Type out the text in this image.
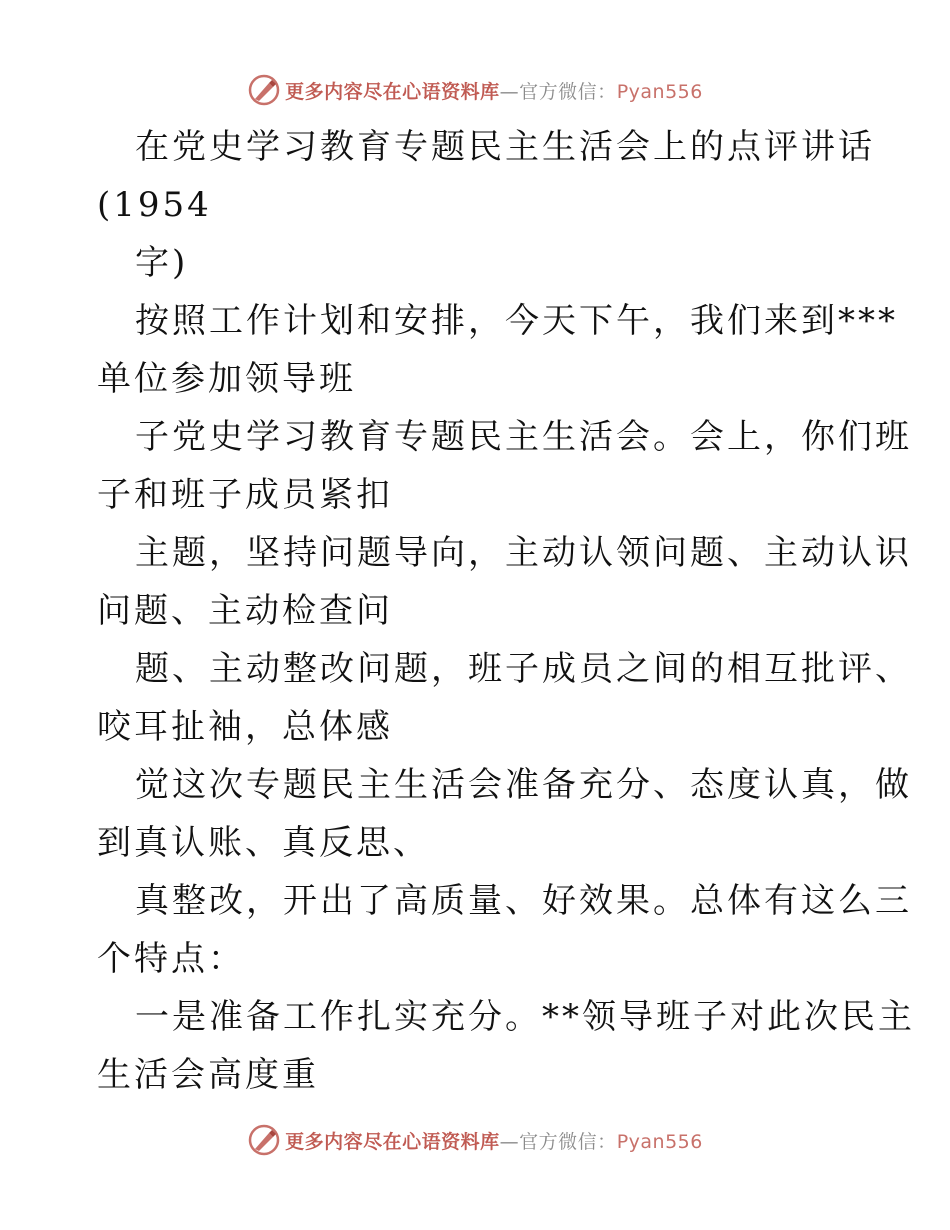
更多内容尽在心语资料库—官方微信：Pyan556
在党史学习教育专题民主生活会上的点评讲话
(1954
字)
按照工作计划和安排，今天下午，我们来到***
单位参加领导班
子党史学习教育专题民主生活会。会上，你们班
子和班子成员紧扣
主题，坚持问题导向，主动认领问题、主动认识
问题、主动检查问
题、主动整改问题，班子成员之间的相互批评、
咬耳扯袖，总体感
觉这次专题民主生活会准备充分、态度认真，做
到真认账、真反思、
真整改，开出了高质量、好效果。总体有这么三
个特点：
一是准备工作扎实充分。**领导班子对此次民主
生活会高度重
更多内容尽在心语资料库—官方微信：Pyan556
